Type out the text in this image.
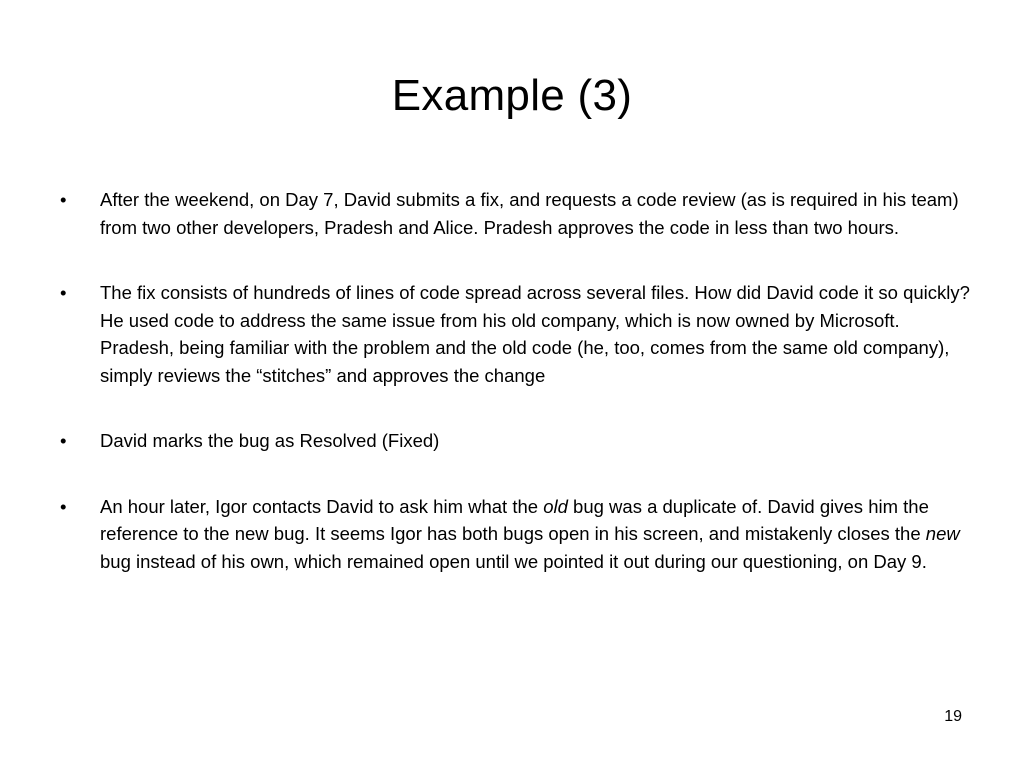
Example (3)
• After the weekend, on Day 7, David submits a fix, and requests a code review (as is required in his team) from two other developers, Pradesh and Alice. Pradesh approves the code in less than two hours.
• The fix consists of hundreds of lines of code spread across several files. How did David code it so quickly? He used code to address the same issue from his old company, which is now owned by Microsoft. Pradesh, being familiar with the problem and the old code (he, too, comes from the same old company), simply reviews the “stitches” and approves the change
• David marks the bug as Resolved (Fixed)
• An hour later, Igor contacts David to ask him what the old bug was a duplicate of. David gives him the reference to the new bug. It seems Igor has both bugs open in his screen, and mistakenly closes the new bug instead of his own, which remained open until we pointed it out during our questioning, on Day 9.
19
